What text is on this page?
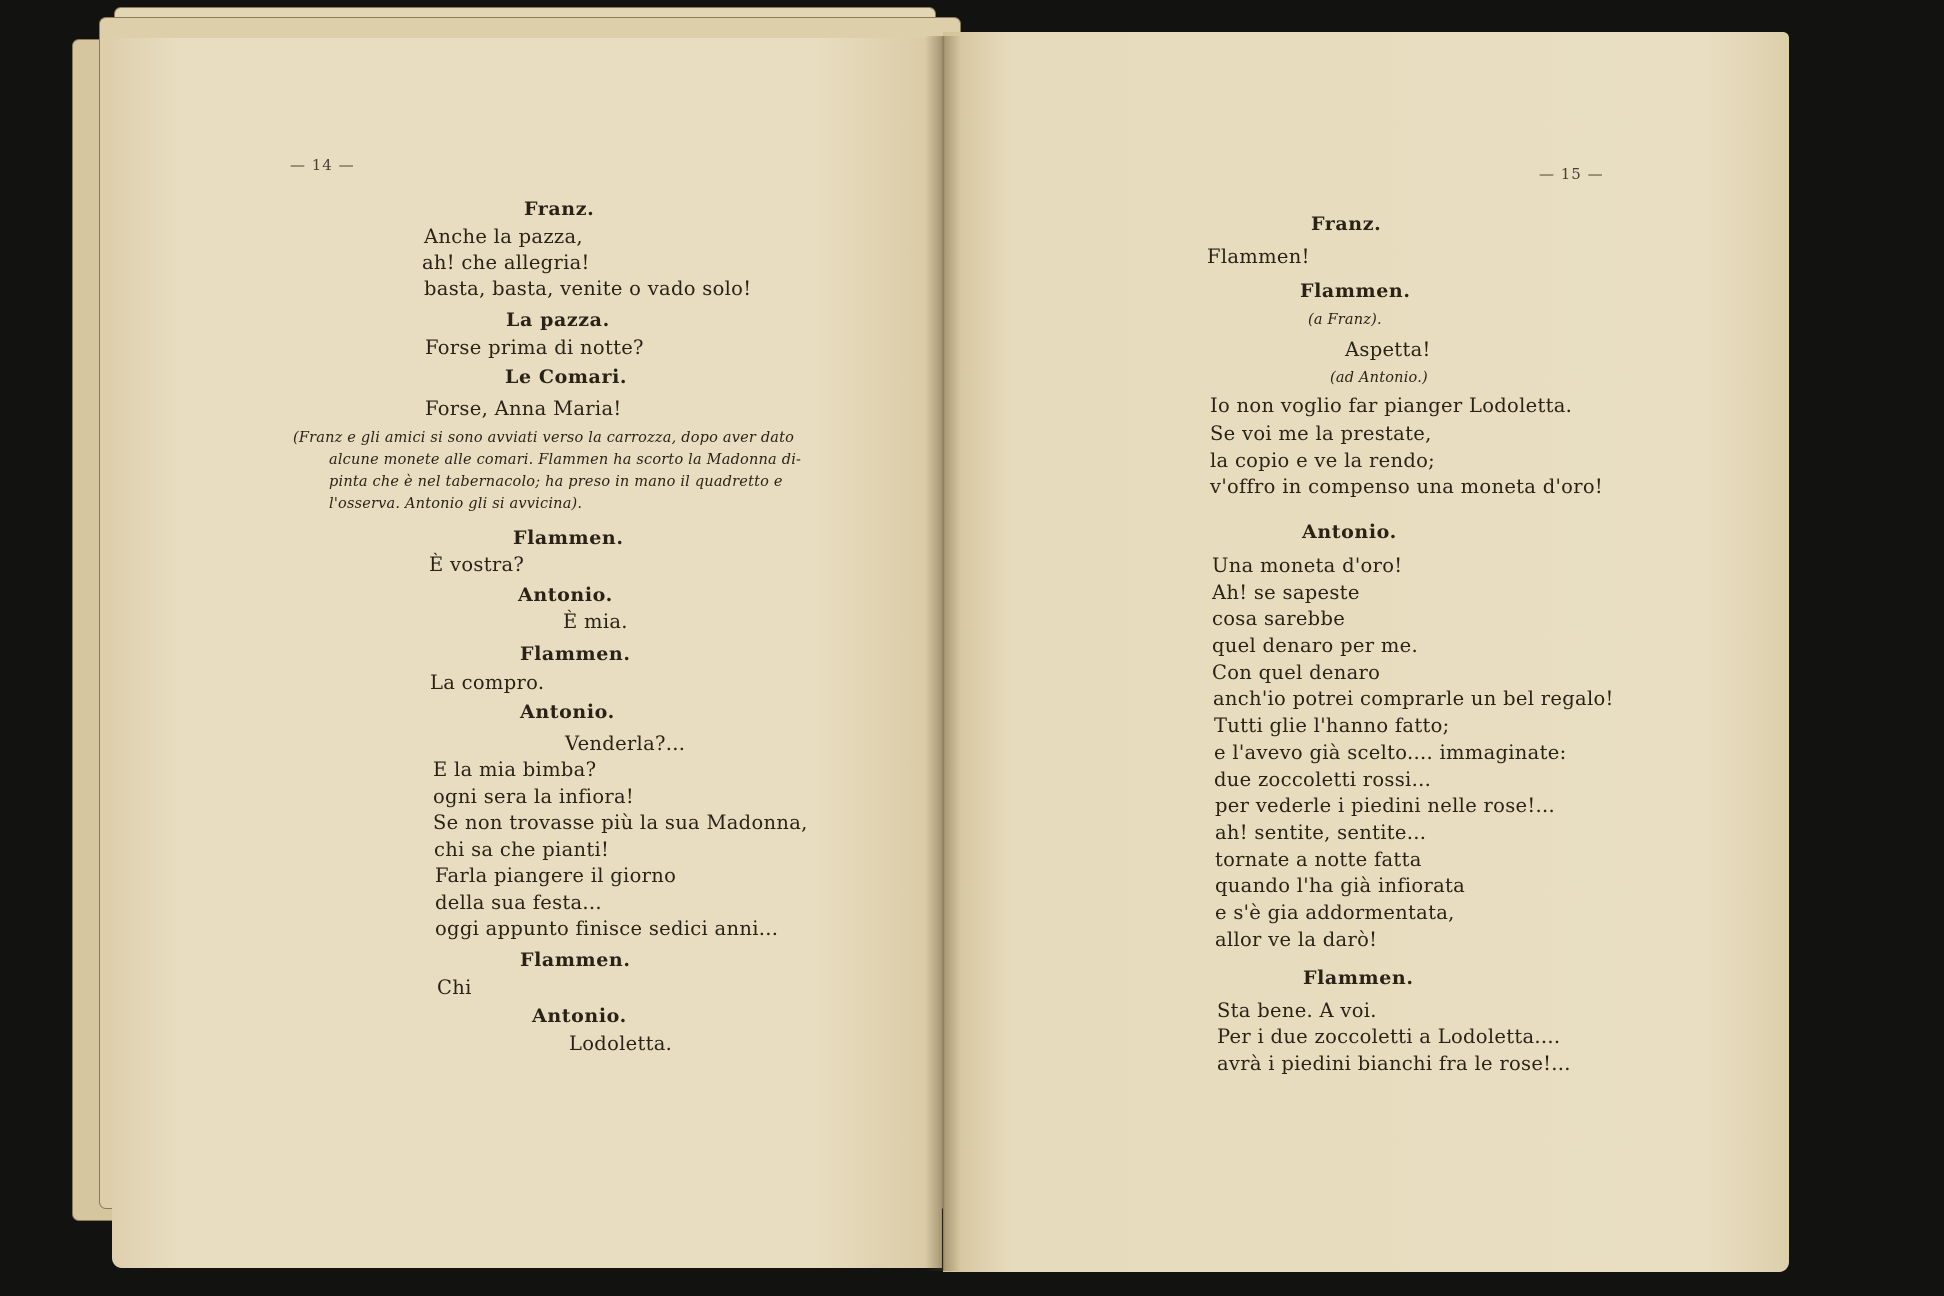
— 14 —
Franz.
Anche la pazza,
ah! che allegria!
basta, basta, venite o vado solo!
La pazza.
Forse prima di notte?
Le Comari.
Forse, Anna Maria!
(Franz e gli amici si sono avviati verso la carrozza, dopo aver dato
alcune monete alle comari. Flammen ha scorto la Madonna di-
pinta che è nel tabernacolo; ha preso in mano il quadretto e
l'osserva. Antonio gli si avvicina).
Flammen.
È vostra?
Antonio.
È mia.
Flammen.
La compro.
Antonio.
Venderla?...
E la mia bimba?
ogni sera la infiora!
Se non trovasse più la sua Madonna,
chi sa che pianti!
Farla piangere il giorno
della sua festa...
oggi appunto finisce sedici anni...
Flammen.
Chi
Antonio.
Lodoletta.
— 15 —
Franz.
Flammen!
Flammen.
(a Franz).
Aspetta!
(ad Antonio.)
Io non voglio far pianger Lodoletta.
Se voi me la prestate,
la copio e ve la rendo;
v'offro in compenso una moneta d'oro!
Antonio.
Una moneta d'oro!
Ah! se sapeste
cosa sarebbe
quel denaro per me.
Con quel denaro
anch'io potrei comprarle un bel regalo!
Tutti glie l'hanno fatto;
e l'avevo già scelto.... immaginate:
due zoccoletti rossi...
per vederle i piedini nelle rose!...
ah! sentite, sentite...
tornate a notte fatta
quando l'ha già infiorata
e s'è gia addormentata,
allor ve la darò!
Flammen.
Sta bene. A voi.
Per i due zoccoletti a Lodoletta....
avrà i piedini bianchi fra le rose!...
